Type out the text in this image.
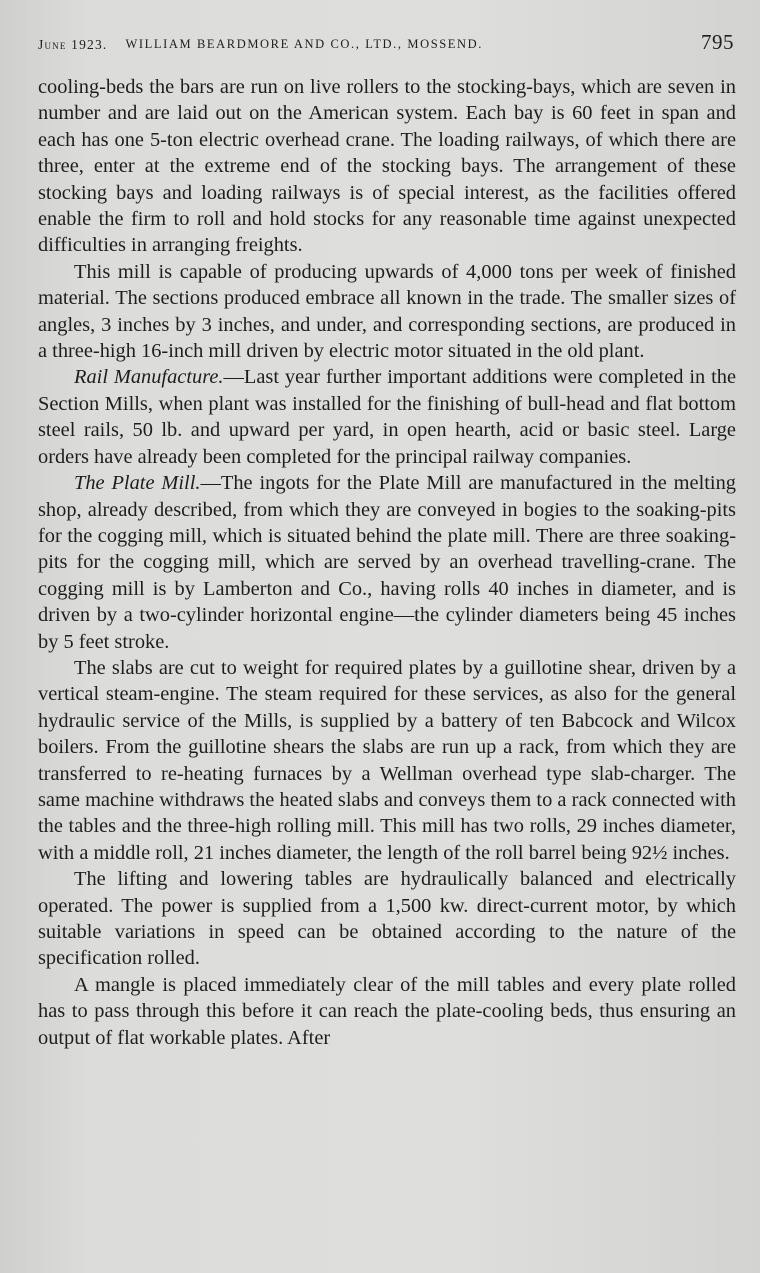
June 1923. WILLIAM BEARDMORE AND CO., LTD., MOSSEND.	795

cooling-beds the bars are run on live rollers to the stocking-bays, which are seven in number and are laid out on the American system. Each bay is 60 feet in span and each has one 5-ton electric overhead crane. The loading railways, of which there are three, enter at the extreme end of the stocking bays. The arrangement of these stocking bays and loading railways is of special interest, as the facilities offered enable the firm to roll and hold stocks for any reasonable time against unexpected difficulties in arranging freights.

This mill is capable of producing upwards of 4,000 tons per week of finished material. The sections produced embrace all known in the trade. The smaller sizes of angles, 3 inches by 3 inches, and under, and corresponding sections, are produced in a three-high 16-inch mill driven by electric motor situated in the old plant.

Rail Manufacture.—Last year further important additions were completed in the Section Mills, when plant was installed for the finishing of bull-head and flat bottom steel rails, 50 lb. and upward per yard, in open hearth, acid or basic steel. Large orders have already been completed for the principal railway companies.

The Plate Mill.—The ingots for the Plate Mill are manufactured in the melting shop, already described, from which they are conveyed in bogies to the soaking-pits for the cogging mill, which is situated behind the plate mill. There are three soaking-pits for the cogging mill, which are served by an overhead travelling-crane. The cogging mill is by Lamberton and Co., having rolls 40 inches in diameter, and is driven by a two-cylinder horizontal engine—the cylinder diameters being 45 inches by 5 feet stroke.

The slabs are cut to weight for required plates by a guillotine shear, driven by a vertical steam-engine. The steam required for these services, as also for the general hydraulic service of the Mills, is supplied by a battery of ten Babcock and Wilcox boilers. From the guillotine shears the slabs are run up a rack, from which they are transferred to re-heating furnaces by a Wellman overhead type slab-charger. The same machine withdraws the heated slabs and conveys them to a rack connected with the tables and the three-high rolling mill. This mill has two rolls, 29 inches diameter, with a middle roll, 21 inches diameter, the length of the roll barrel being 92½ inches.

The lifting and lowering tables are hydraulically balanced and electrically operated. The power is supplied from a 1,500 kw. direct-current motor, by which suitable variations in speed can be obtained according to the nature of the specification rolled.

A mangle is placed immediately clear of the mill tables and every plate rolled has to pass through this before it can reach the plate-cooling beds, thus ensuring an output of flat workable plates. After
